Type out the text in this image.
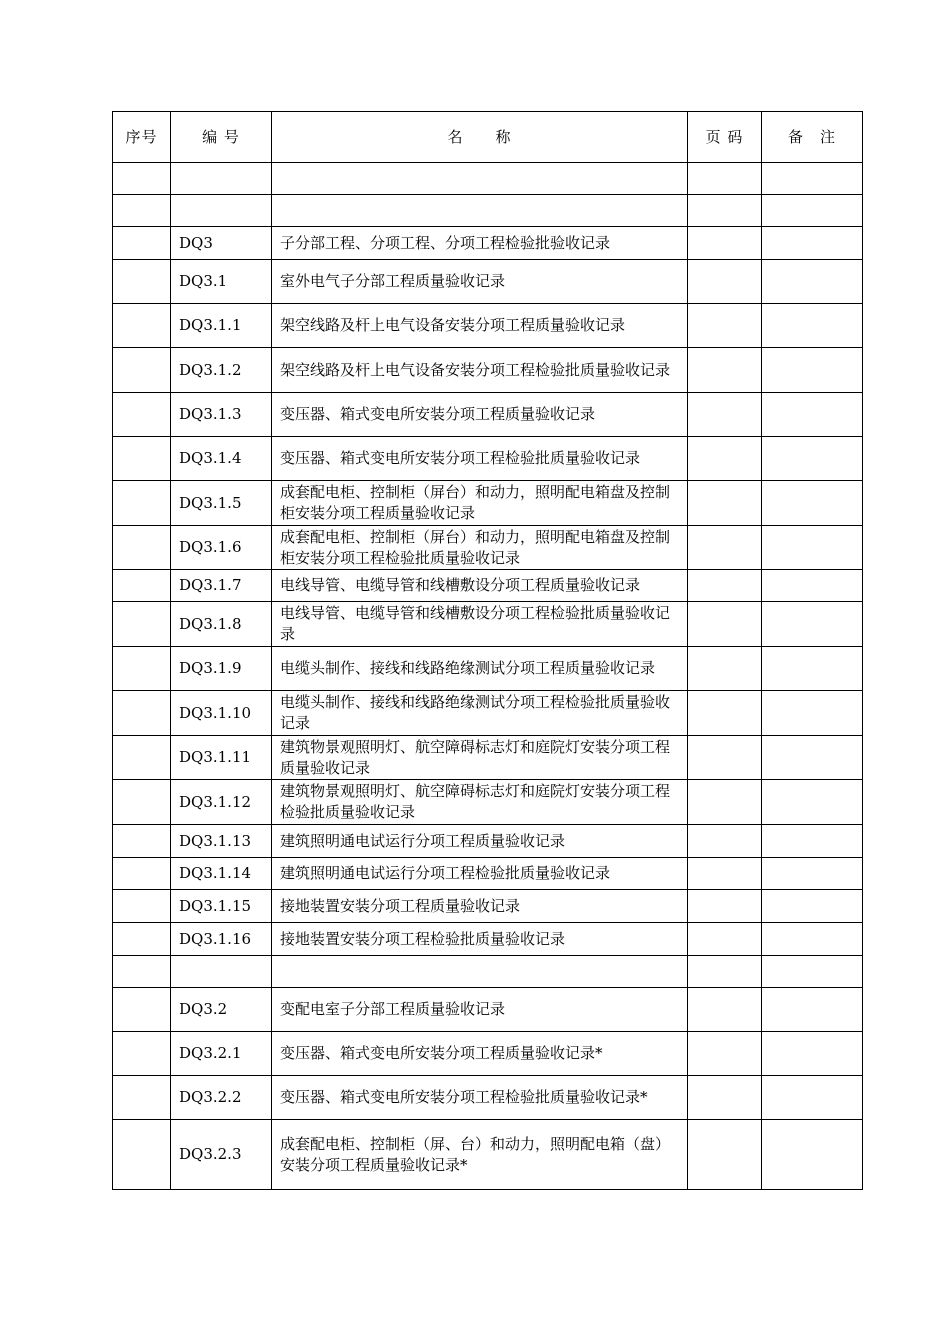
序号	编 号	名　　称	页 码	备　注

	DQ3	子分部工程、分项工程、分项工程检验批验收记录		
	DQ3.1	室外电气子分部工程质量验收记录		
	DQ3.1.1	架空线路及杆上电气设备安装分项工程质量验收记录		
	DQ3.1.2	架空线路及杆上电气设备安装分项工程检验批质量验收记录		
	DQ3.1.3	变压器、箱式变电所安装分项工程质量验收记录		
	DQ3.1.4	变压器、箱式变电所安装分项工程检验批质量验收记录		
	DQ3.1.5	成套配电柜、控制柜（屏台）和动力，照明配电箱盘及控制柜安装分项工程质量验收记录		
	DQ3.1.6	成套配电柜、控制柜（屏台）和动力，照明配电箱盘及控制柜安装分项工程检验批质量验收记录		
	DQ3.1.7	电线导管、电缆导管和线槽敷设分项工程质量验收记录		
	DQ3.1.8	电线导管、电缆导管和线槽敷设分项工程检验批质量验收记录		
	DQ3.1.9	电缆头制作、接线和线路绝缘测试分项工程质量验收记录		
	DQ3.1.10	电缆头制作、接线和线路绝缘测试分项工程检验批质量验收记录		
	DQ3.1.11	建筑物景观照明灯、航空障碍标志灯和庭院灯安装分项工程质量验收记录		
	DQ3.1.12	建筑物景观照明灯、航空障碍标志灯和庭院灯安装分项工程检验批质量验收记录		
	DQ3.1.13	建筑照明通电试运行分项工程质量验收记录		
	DQ3.1.14	建筑照明通电试运行分项工程检验批质量验收记录		
	DQ3.1.15	接地装置安装分项工程质量验收记录		
	DQ3.1.16	接地装置安装分项工程检验批质量验收记录		

	DQ3.2	变配电室子分部工程质量验收记录		
	DQ3.2.1	变压器、箱式变电所安装分项工程质量验收记录*		
	DQ3.2.2	变压器、箱式变电所安装分项工程检验批质量验收记录*		
	DQ3.2.3	成套配电柜、控制柜（屏、台）和动力，照明配电箱（盘）安装分项工程质量验收记录*		
